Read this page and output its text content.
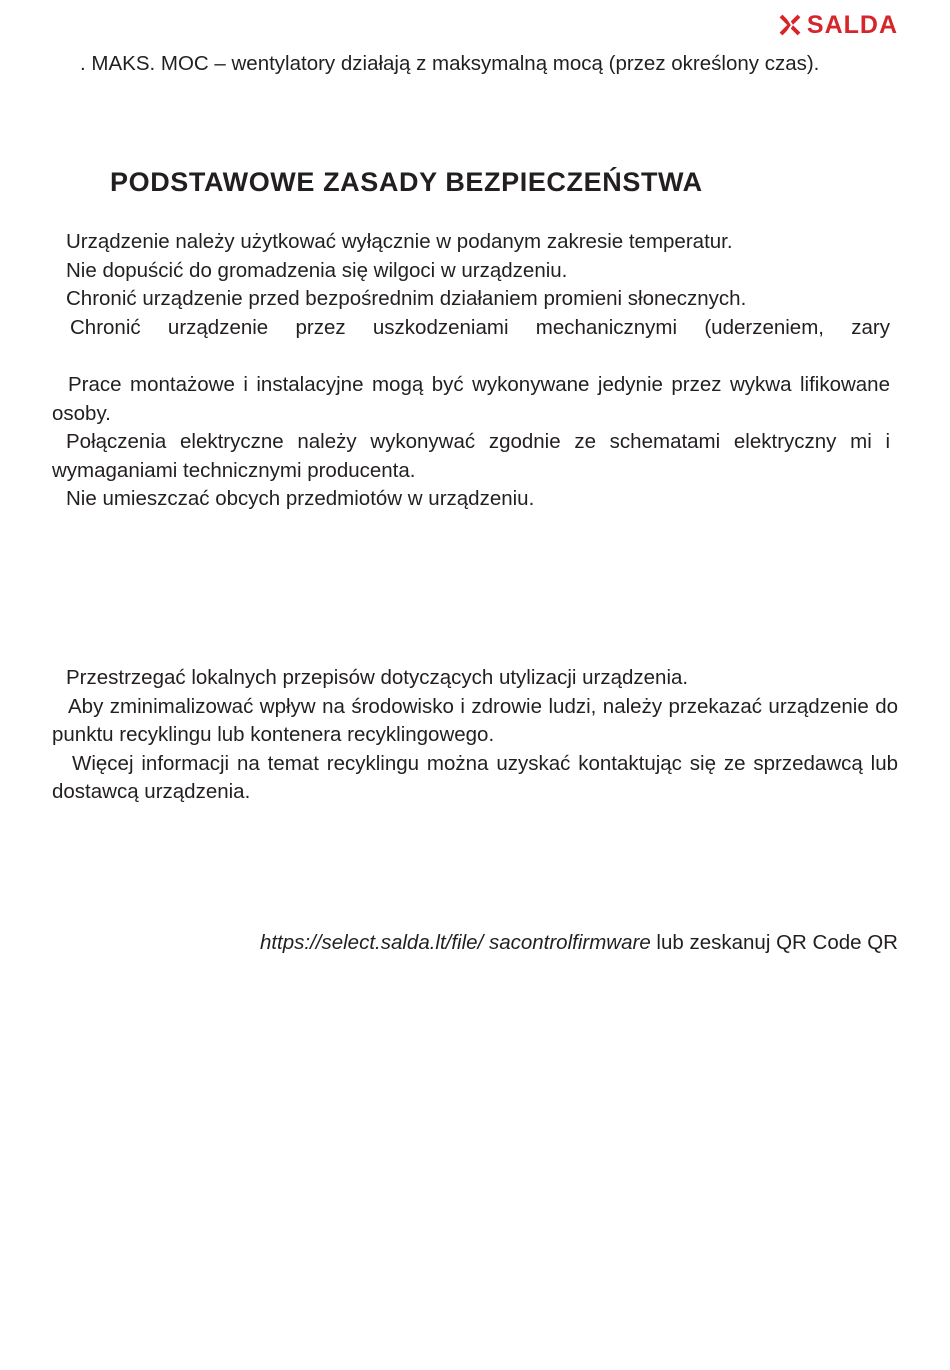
SALDA

. MAKS. MOC – wentylatory działają z maksymalną mocą (przez określony czas).

PODSTAWOWE ZASADY BEZPIECZEŃSTWA

Urządzenie należy użytkować wyłącznie w podanym zakresie temperatur.

Nie dopuścić do gromadzenia się wilgoci w urządzeniu.

Chronić urządzenie przed bezpośrednim działaniem promieni słonecznych.

Chronić urządzenie przez uszkodzeniami mechanicznymi (uderzeniem, zary

Prace montażowe i instalacyjne mogą być wykonywane jedynie przez wykwa lifikowane osoby.

Połączenia elektryczne należy wykonywać zgodnie ze schematami elektryczny mi i wymaganiami technicznymi producenta.

Nie umieszczać obcych przedmiotów w urządzeniu.

Przestrzegać lokalnych przepisów dotyczących utylizacji urządzenia.

Aby zminimalizować wpływ na środowisko i zdrowie ludzi, należy przekazać urządzenie do punktu recyklingu lub kontenera recyklingowego.

Więcej informacji na temat recyklingu można uzyskać kontaktując się ze sprzedawcą lub dostawcą urządzenia.

https://select.salda.lt/file/ sacontrolfirmware lub zeskanuj QR Code QR
